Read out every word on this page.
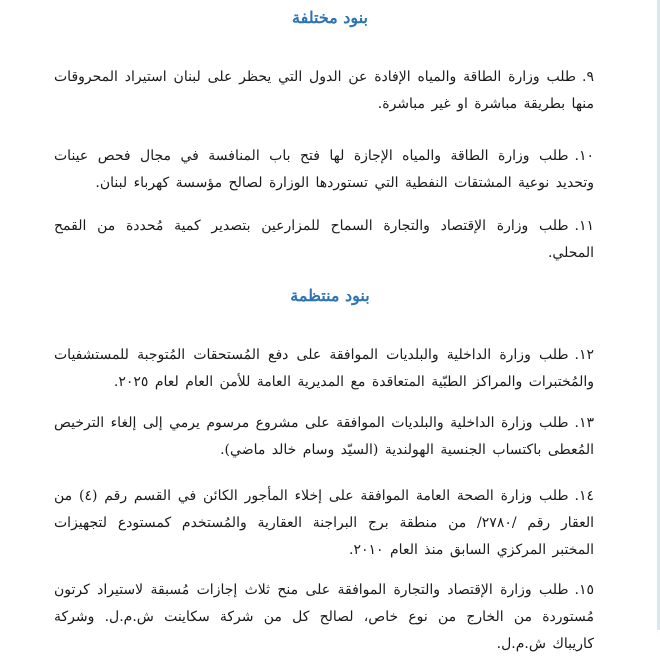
بنود مختلفة

٩.طلب وزارة الطاقة والمياه الإفادة عن الدول التي يحظر على لبنان استيراد المحروقات منها بطريقة مباشرة او غير مباشرة.

١٠.طلب وزارة الطاقة والمياه الإجازة لها فتح باب المنافسة في مجال فحص عينات وتحديد نوعية المشتقات النفطية التي تستوردها الوزارة لصالح مؤسسة كهرباء لبنان.

١١.طلب وزارة الإقتصاد والتجارة السماح للمزارعين بتصدير كمية مُحددة من القمح المحلي.

بنود منتظمة

١٢.طلب وزارة الداخلية والبلديات الموافقة على دفع المُستحقات المُتوجبة للمستشفيات والمُختبرات والمراكز الطبّية المتعاقدة مع المديرية العامة للأمن العام لعام ٢٠٢٥.

١٣.طلب وزارة الداخلية والبلديات الموافقة على مشروع مرسوم يرمي إلى إلغاء الترخيص المُعطى باكتساب الجنسية الهولندية (السيّد وسام خالد ماضي).

١٤.طلب وزارة الصحة العامة الموافقة على إخلاء المأجور الكائن في القسم رقم (٤) من العقار رقم /٢٧٨٠/ من منطقة برج البراجنة العقارية والمُستخدم كمستودع لتجهيزات المختبر المركزي السابق منذ العام ٢٠١٠.

١٥.طلب وزارة الإقتصاد والتجارة الموافقة على منح ثلاث إجازات مُسبقة لاستيراد كرتون مُستوردة من الخارج من نوع خاص، لصالح كل من شركة سكاينت ش.م.ل. وشركة كاريباك ش.م.ل.
